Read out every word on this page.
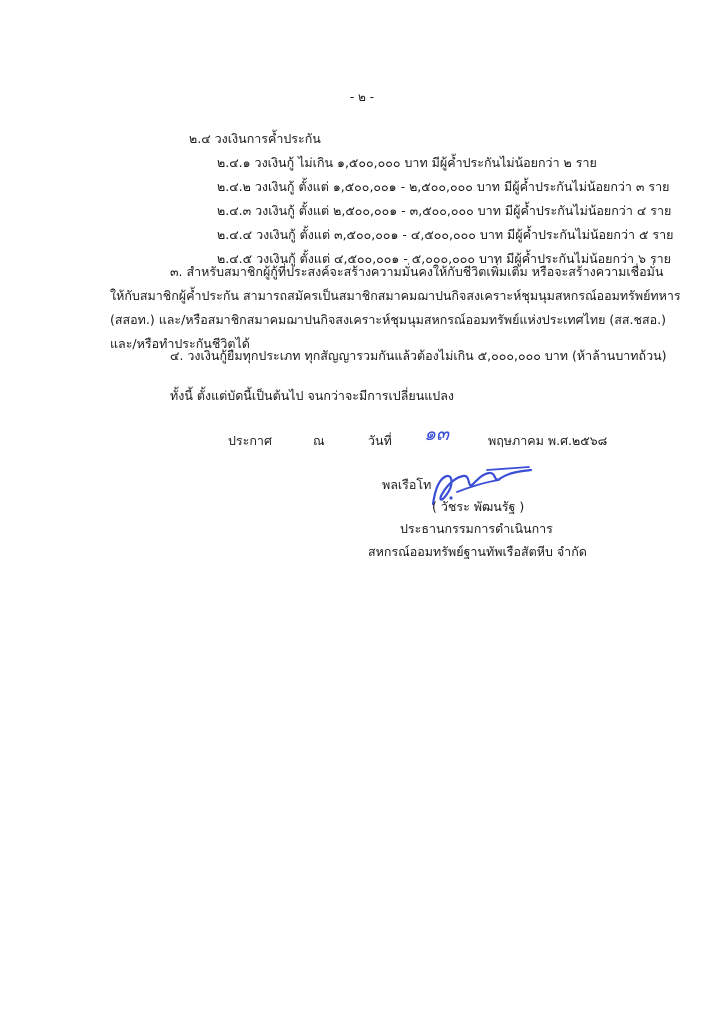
- ๒ -
๒.๔ วงเงินการค้ำประกัน
๒.๔.๑ วงเงินกู้ ไม่เกิน ๑,๕๐๐,๐๐๐ บาท มีผู้ค้ำประกันไม่น้อยกว่า ๒ ราย
๒.๔.๒ วงเงินกู้ ตั้งแต่ ๑,๕๐๐,๐๐๑ - ๒,๕๐๐,๐๐๐ บาท มีผู้ค้ำประกันไม่น้อยกว่า ๓ ราย
๒.๔.๓ วงเงินกู้ ตั้งแต่ ๒,๕๐๐,๐๐๑ - ๓,๕๐๐,๐๐๐ บาท มีผู้ค้ำประกันไม่น้อยกว่า ๔ ราย
๒.๔.๔ วงเงินกู้ ตั้งแต่ ๓,๕๐๐,๐๐๑ - ๔,๕๐๐,๐๐๐ บาท มีผู้ค้ำประกันไม่น้อยกว่า ๕ ราย
๒.๔.๕ วงเงินกู้ ตั้งแต่ ๔,๕๐๐,๐๐๑ - ๕,๐๐๐,๐๐๐ บาท มีผู้ค้ำประกันไม่น้อยกว่า ๖ ราย
๓. สำหรับสมาชิกผู้กู้ที่ประสงค์จะสร้างความมั่นคงให้กับชีวิตเพิ่มเติม หรือจะสร้างความเชื่อมั่น
ให้กับสมาชิกผู้ค้ำประกัน สามารถสมัครเป็นสมาชิกสมาคมฌาปนกิจสงเคราะห์ชุมนุมสหกรณ์ออมทรัพย์ทหาร
(สสอท.) และ/หรือสมาชิกสมาคมฌาปนกิจสงเคราะห์ชุมนุมสหกรณ์ออมทรัพย์แห่งประเทศไทย (สส.ชสอ.)
และ/หรือทำประกันชีวิตได้
๔. วงเงินกู้ยืมทุกประเภท ทุกสัญญารวมกันแล้วต้องไม่เกิน ๕,๐๐๐,๐๐๐ บาท (ห้าล้านบาทถ้วน)
ทั้งนี้ ตั้งแต่บัดนี้เป็นต้นไป จนกว่าจะมีการเปลี่ยนแปลง
ประกาศ	ณ	วันที่ ๑๓	พฤษภาคม พ.ศ.๒๕๖๘
พลเรือโท
( วัชระ พัฒนรัฐ )
ประธานกรรมการดำเนินการ
สหกรณ์ออมทรัพย์ฐานทัพเรือสัตหีบ จำกัด
